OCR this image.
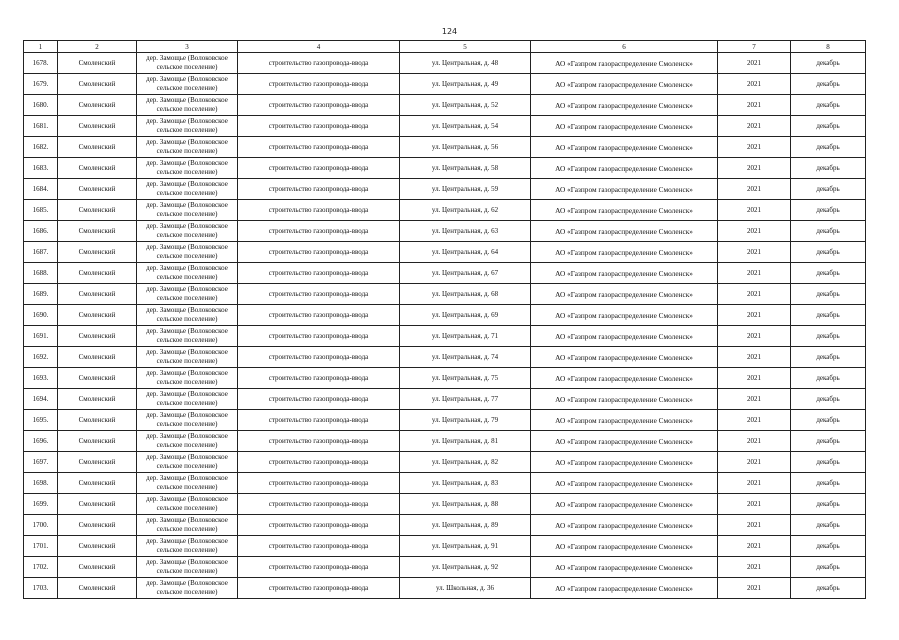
124
1	2	3	4	5	6	7	8
1678.	Смоленский	дер. Замощье (Волоковское сельское поселение)	строительство газопровода-ввода	ул. Центральная, д. 48	АО «Газпром газораспределение Смоленск»	2021	декабрь
1679.	Смоленский	дер. Замощье (Волоковское сельское поселение)	строительство газопровода-ввода	ул. Центральная, д. 49	АО «Газпром газораспределение Смоленск»	2021	декабрь
1680.	Смоленский	дер. Замощье (Волоковское сельское поселение)	строительство газопровода-ввода	ул. Центральная, д. 52	АО «Газпром газораспределение Смоленск»	2021	декабрь
1681.	Смоленский	дер. Замощье (Волоковское сельское поселение)	строительство газопровода-ввода	ул. Центральная, д. 54	АО «Газпром газораспределение Смоленск»	2021	декабрь
1682.	Смоленский	дер. Замощье (Волоковское сельское поселение)	строительство газопровода-ввода	ул. Центральная, д. 56	АО «Газпром газораспределение Смоленск»	2021	декабрь
1683.	Смоленский	дер. Замощье (Волоковское сельское поселение)	строительство газопровода-ввода	ул. Центральная, д. 58	АО «Газпром газораспределение Смоленск»	2021	декабрь
1684.	Смоленский	дер. Замощье (Волоковское сельское поселение)	строительство газопровода-ввода	ул. Центральная, д. 59	АО «Газпром газораспределение Смоленск»	2021	декабрь
1685.	Смоленский	дер. Замощье (Волоковское сельское поселение)	строительство газопровода-ввода	ул. Центральная, д. 62	АО «Газпром газораспределение Смоленск»	2021	декабрь
1686.	Смоленский	дер. Замощье (Волоковское сельское поселение)	строительство газопровода-ввода	ул. Центральная, д. 63	АО «Газпром газораспределение Смоленск»	2021	декабрь
1687.	Смоленский	дер. Замощье (Волоковское сельское поселение)	строительство газопровода-ввода	ул. Центральная, д. 64	АО «Газпром газораспределение Смоленск»	2021	декабрь
1688.	Смоленский	дер. Замощье (Волоковское сельское поселение)	строительство газопровода-ввода	ул. Центральная, д. 67	АО «Газпром газораспределение Смоленск»	2021	декабрь
1689.	Смоленский	дер. Замощье (Волоковское сельское поселение)	строительство газопровода-ввода	ул. Центральная, д. 68	АО «Газпром газораспределение Смоленск»	2021	декабрь
1690.	Смоленский	дер. Замощье (Волоковское сельское поселение)	строительство газопровода-ввода	ул. Центральная, д. 69	АО «Газпром газораспределение Смоленск»	2021	декабрь
1691.	Смоленский	дер. Замощье (Волоковское сельское поселение)	строительство газопровода-ввода	ул. Центральная, д. 71	АО «Газпром газораспределение Смоленск»	2021	декабрь
1692.	Смоленский	дер. Замощье (Волоковское сельское поселение)	строительство газопровода-ввода	ул. Центральная, д. 74	АО «Газпром газораспределение Смоленск»	2021	декабрь
1693.	Смоленский	дер. Замощье (Волоковское сельское поселение)	строительство газопровода-ввода	ул. Центральная, д. 75	АО «Газпром газораспределение Смоленск»	2021	декабрь
1694.	Смоленский	дер. Замощье (Волоковское сельское поселение)	строительство газопровода-ввода	ул. Центральная, д. 77	АО «Газпром газораспределение Смоленск»	2021	декабрь
1695.	Смоленский	дер. Замощье (Волоковское сельское поселение)	строительство газопровода-ввода	ул. Центральная, д. 79	АО «Газпром газораспределение Смоленск»	2021	декабрь
1696.	Смоленский	дер. Замощье (Волоковское сельское поселение)	строительство газопровода-ввода	ул. Центральная, д. 81	АО «Газпром газораспределение Смоленск»	2021	декабрь
1697.	Смоленский	дер. Замощье (Волоковское сельское поселение)	строительство газопровода-ввода	ул. Центральная, д. 82	АО «Газпром газораспределение Смоленск»	2021	декабрь
1698.	Смоленский	дер. Замощье (Волоковское сельское поселение)	строительство газопровода-ввода	ул. Центральная, д. 83	АО «Газпром газораспределение Смоленск»	2021	декабрь
1699.	Смоленский	дер. Замощье (Волоковское сельское поселение)	строительство газопровода-ввода	ул. Центральная, д. 88	АО «Газпром газораспределение Смоленск»	2021	декабрь
1700.	Смоленский	дер. Замощье (Волоковское сельское поселение)	строительство газопровода-ввода	ул. Центральная, д. 89	АО «Газпром газораспределение Смоленск»	2021	декабрь
1701.	Смоленский	дер. Замощье (Волоковское сельское поселение)	строительство газопровода-ввода	ул. Центральная, д. 91	АО «Газпром газораспределение Смоленск»	2021	декабрь
1702.	Смоленский	дер. Замощье (Волоковское сельское поселение)	строительство газопровода-ввода	ул. Центральная, д. 92	АО «Газпром газораспределение Смоленск»	2021	декабрь
1703.	Смоленский	дер. Замощье (Волоковское сельское поселение)	строительство газопровода-ввода	ул. Школьная, д. 36	АО «Газпром газораспределение Смоленск»	2021	декабрь
